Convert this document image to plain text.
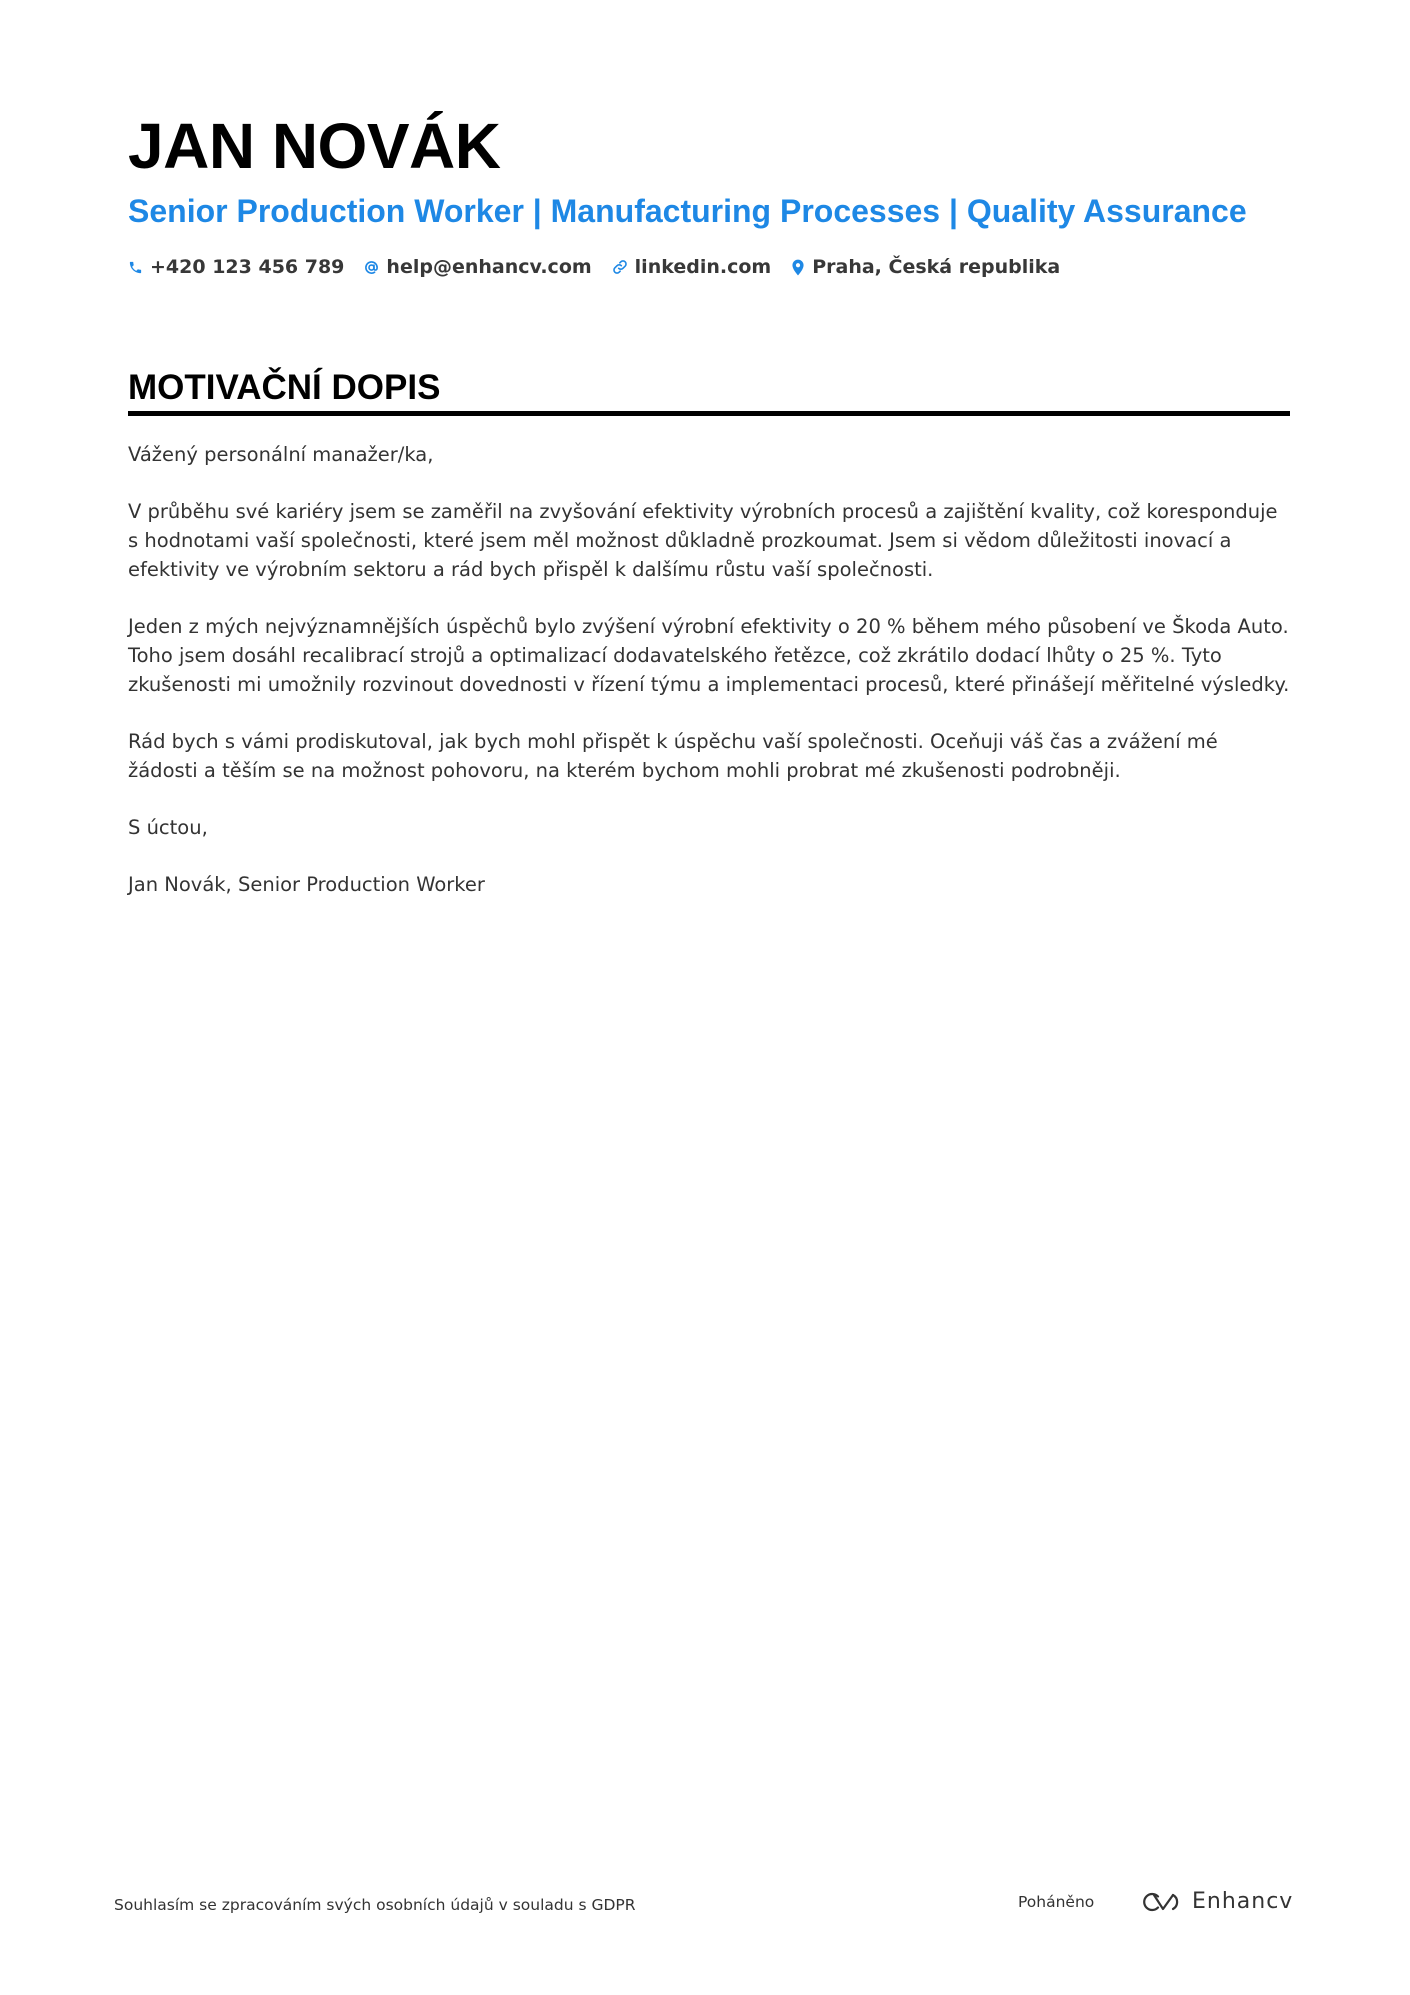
JAN NOVÁK
Senior Production Worker | Manufacturing Processes | Quality Assurance
+420 123 456 789 help@enhancv.com linkedin.com Praha, Česká republika
MOTIVAČNÍ DOPIS

Vážený personální manažer/ka,

V průběhu své kariéry jsem se zaměřil na zvyšování efektivity výrobních procesů a zajištění kvality, což koresponduje s hodnotami vaší společnosti, které jsem měl možnost důkladně prozkoumat. Jsem si vědom důležitosti inovací a efektivity ve výrobním sektoru a rád bych přispěl k dalšímu růstu vaší společnosti.

Jeden z mých nejvýznamnějších úspěchů bylo zvýšení výrobní efektivity o 20 % během mého působení ve Škoda Auto. Toho jsem dosáhl recalibrací strojů a optimalizací dodavatelského řetězce, což zkrátilo dodací lhůty o 25 %. Tyto zkušenosti mi umožnily rozvinout dovednosti v řízení týmu a implementaci procesů, které přinášejí měřitelné výsledky.

Rád bych s vámi prodiskutoval, jak bych mohl přispět k úspěchu vaší společnosti. Oceňuji váš čas a zvážení mé žádosti a těším se na možnost pohovoru, na kterém bychom mohli probrat mé zkušenosti podrobněji.

S úctou,

Jan Novák, Senior Production Worker

Souhlasím se zpracováním svých osobních údajů v souladu s GDPR	Poháněno	Enhancv
